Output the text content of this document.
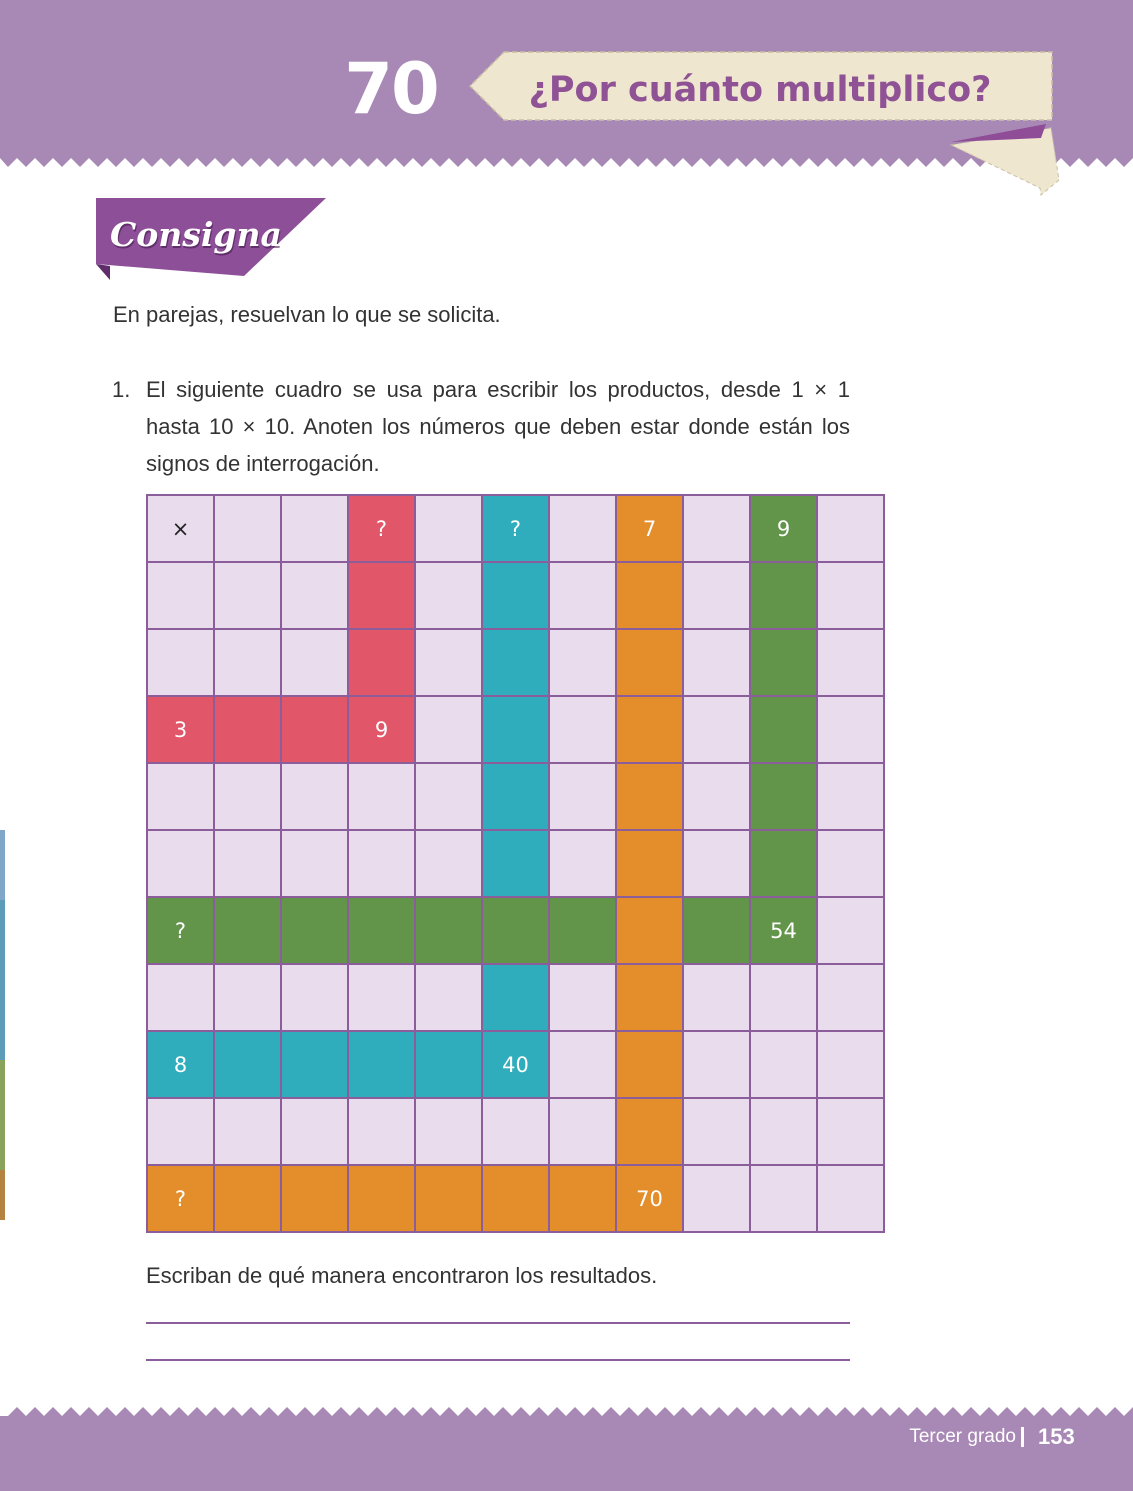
70	¿Por cuánto multiplico?
Consigna

En parejas, resuelvan lo que se solicita.

1. El siguiente cuadro se usa para escribir los productos, desde 1 × 1 hasta 10 × 10. Anoten los números que deben estar donde están los signos de interrogación.

×			?		?		7		9	

3			9							

?									54	

8					40					

?							70			

Escriban de qué manera encontraron los resultados.

Tercer grado 153
